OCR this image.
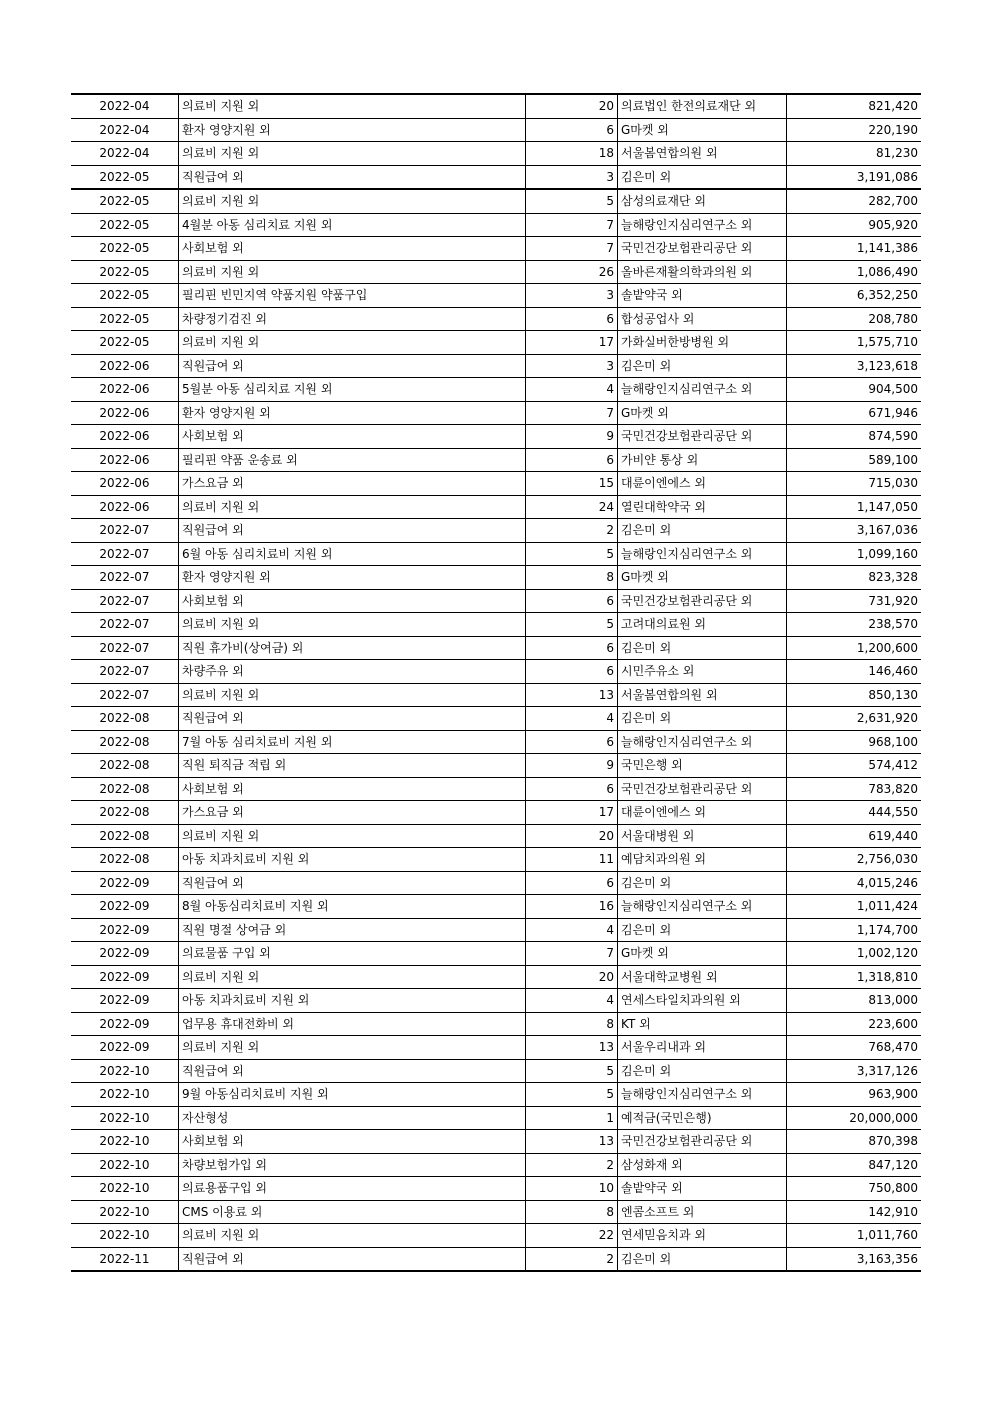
2022-04	의료비 지원 외	20	의료법인 한전의료재단 외	821,420
2022-04	환자 영양지원 외	6	G마켓 외	220,190
2022-04	의료비 지원 외	18	서울봄연합의원 외	81,230
2022-05	직원급여 외	3	김은미 외	3,191,086
2022-05	의료비 지원 외	5	삼성의료재단 외	282,700
2022-05	4월분 아동 심리치료 지원 외	7	늘해랑인지심리연구소 외	905,920
2022-05	사회보험 외	7	국민건강보험관리공단 외	1,141,386
2022-05	의료비 지원 외	26	올바른재활의학과의원 외	1,086,490
2022-05	필리핀 빈민지역 약품지원 약품구입	3	솔밭약국 외	6,352,250
2022-05	차량정기검진 외	6	합성공업사 외	208,780
2022-05	의료비 지원 외	17	가화실버한방병원 외	1,575,710
2022-06	직원급여 외	3	김은미 외	3,123,618
2022-06	5월분 아동 심리치료 지원 외	4	늘해랑인지심리연구소 외	904,500
2022-06	환자 영양지원 외	7	G마켓 외	671,946
2022-06	사회보험 외	9	국민건강보험관리공단 외	874,590
2022-06	필리핀 약품 운송료 외	6	가비얀 통상 외	589,100
2022-06	가스요금 외	15	대륜이엔에스 외	715,030
2022-06	의료비 지원 외	24	열린대학약국 외	1,147,050
2022-07	직원급여 외	2	김은미 외	3,167,036
2022-07	6월 아동 심리치료비 지원 외	5	늘해랑인지심리연구소 외	1,099,160
2022-07	환자 영양지원 외	8	G마켓 외	823,328
2022-07	사회보험 외	6	국민건강보험관리공단 외	731,920
2022-07	의료비 지원 외	5	고려대의료원 외	238,570
2022-07	직원 휴가비(상여금) 외	6	김은미 외	1,200,600
2022-07	차량주유 외	6	시민주유소 외	146,460
2022-07	의료비 지원 외	13	서울봄연합의원 외	850,130
2022-08	직원급여 외	4	김은미 외	2,631,920
2022-08	7월 아동 심리치료비 지원 외	6	늘해랑인지심리연구소 외	968,100
2022-08	직원 퇴직금 적립 외	9	국민은행 외	574,412
2022-08	사회보험 외	6	국민건강보험관리공단 외	783,820
2022-08	가스요금 외	17	대륜이엔에스 외	444,550
2022-08	의료비 지원 외	20	서울대병원 외	619,440
2022-08	아동 치과치료비 지원 외	11	예담치과의원 외	2,756,030
2022-09	직원급여 외	6	김은미 외	4,015,246
2022-09	8월 아동심리치료비 지원 외	16	늘해랑인지심리연구소 외	1,011,424
2022-09	직원 명절 상여금 외	4	김은미 외	1,174,700
2022-09	의료물품 구입 외	7	G마켓 외	1,002,120
2022-09	의료비 지원 외	20	서울대학교병원 외	1,318,810
2022-09	아동 치과치료비 지원 외	4	연세스타일치과의원 외	813,000
2022-09	업무용 휴대전화비 외	8	KT 외	223,600
2022-09	의료비 지원 외	13	서울우리내과 외	768,470
2022-10	직원급여 외	5	김은미 외	3,317,126
2022-10	9월 아동심리치료비 지원 외	5	늘해랑인지심리연구소 외	963,900
2022-10	자산형성	1	예적금(국민은행)	20,000,000
2022-10	사회보험 외	13	국민건강보험관리공단 외	870,398
2022-10	차량보험가입 외	2	삼성화재 외	847,120
2022-10	의료용품구입 외	10	솔밭약국 외	750,800
2022-10	CMS 이용료 외	8	엔콤소프트 외	142,910
2022-10	의료비 지원 외	22	연세믿음치과 외	1,011,760
2022-11	직원급여 외	2	김은미 외	3,163,356
